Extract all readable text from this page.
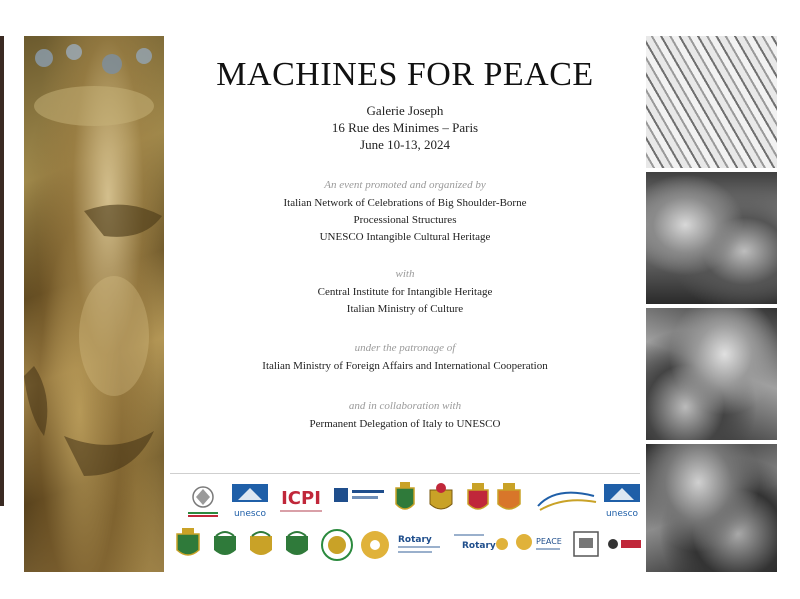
MACHINES FOR PEACE
Galerie Joseph
16 Rue des Minimes – Paris
June 10-13, 2024
An event promoted and organized by
Italian Network of Celebrations of Big Shoulder-Borne
Processional Structures
UNESCO Intangible Cultural Heritage
with
Central Institute for Intangible Heritage
Italian Ministry of Culture
under the patronage of
Italian Ministry of Foreign Affairs and International Cooperation
and in collaboration with
Permanent Delegation of Italy to UNESCO
unesco
ICPI
unesco
Rotary
Rotary	PEACE
